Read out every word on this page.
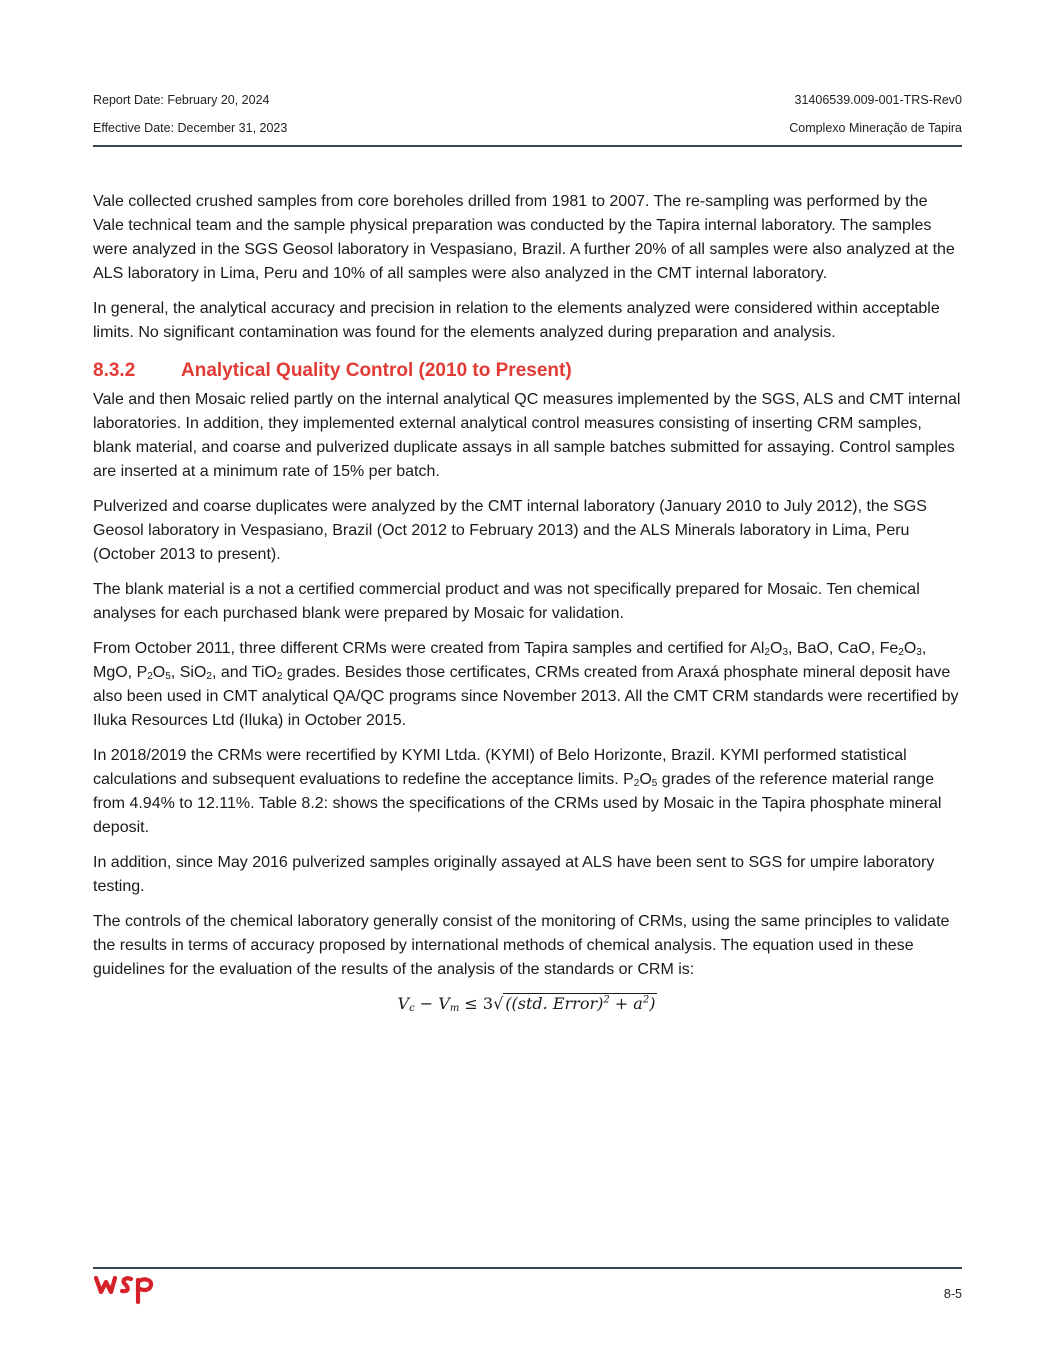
Report Date: February 20, 2024	31406539.009-001-TRS-Rev0
Effective Date: December 31, 2023	Complexo Mineração de Tapira

Vale collected crushed samples from core boreholes drilled from 1981 to 2007. The re-sampling was performed by the Vale technical team and the sample physical preparation was conducted by the Tapira internal laboratory. The samples were analyzed in the SGS Geosol laboratory in Vespasiano, Brazil. A further 20% of all samples were also analyzed at the ALS laboratory in Lima, Peru and 10% of all samples were also analyzed in the CMT internal laboratory.

In general, the analytical accuracy and precision in relation to the elements analyzed were considered within acceptable limits. No significant contamination was found for the elements analyzed during preparation and analysis.

8.3.2	Analytical Quality Control (2010 to Present)

Vale and then Mosaic relied partly on the internal analytical QC measures implemented by the SGS, ALS and CMT internal laboratories. In addition, they implemented external analytical control measures consisting of inserting CRM samples, blank material, and coarse and pulverized duplicate assays in all sample batches submitted for assaying. Control samples are inserted at a minimum rate of 15% per batch.

Pulverized and coarse duplicates were analyzed by the CMT internal laboratory (January 2010 to July 2012), the SGS Geosol laboratory in Vespasiano, Brazil (Oct 2012 to February 2013) and the ALS Minerals laboratory in Lima, Peru (October 2013 to present).

The blank material is a not a certified commercial product and was not specifically prepared for Mosaic. Ten chemical analyses for each purchased blank were prepared by Mosaic for validation.

From October 2011, three different CRMs were created from Tapira samples and certified for $Al_2O_3$, BaO, CaO, $Fe_2O_3$, MgO, $P_2O_5$, SiO$_2$, and TiO$_2$ grades. Besides those certificates, CRMs created from Araxá phosphate mineral deposit have also been used in CMT analytical QA/QC programs since November 2013. All the CMT CRM standards were recertified by Iluka Resources Ltd (Iluka) in October 2015.

In 2018/2019 the CRMs were recertified by KYMI Ltda. (KYMI) of Belo Horizonte, Brazil. KYMI performed statistical calculations and subsequent evaluations to redefine the acceptance limits. $P_2O_5$ grades of the reference material range from 4.94% to 12.11%. Table 8.2: shows the specifications of the CRMs used by Mosaic in the Tapira phosphate mineral deposit.

In addition, since May 2016 pulverized samples originally assayed at ALS have been sent to SGS for umpire laboratory testing.

The controls of the chemical laboratory generally consist of the monitoring of CRMs, using the same principles to validate the results in terms of accuracy proposed by international methods of chemical analysis. The equation used in these guidelines for the evaluation of the results of the analysis of the standards or CRM is:

$V_c - V_m \le 3√$ ((std. Error)$^2$ + $a^2$)
8-5
